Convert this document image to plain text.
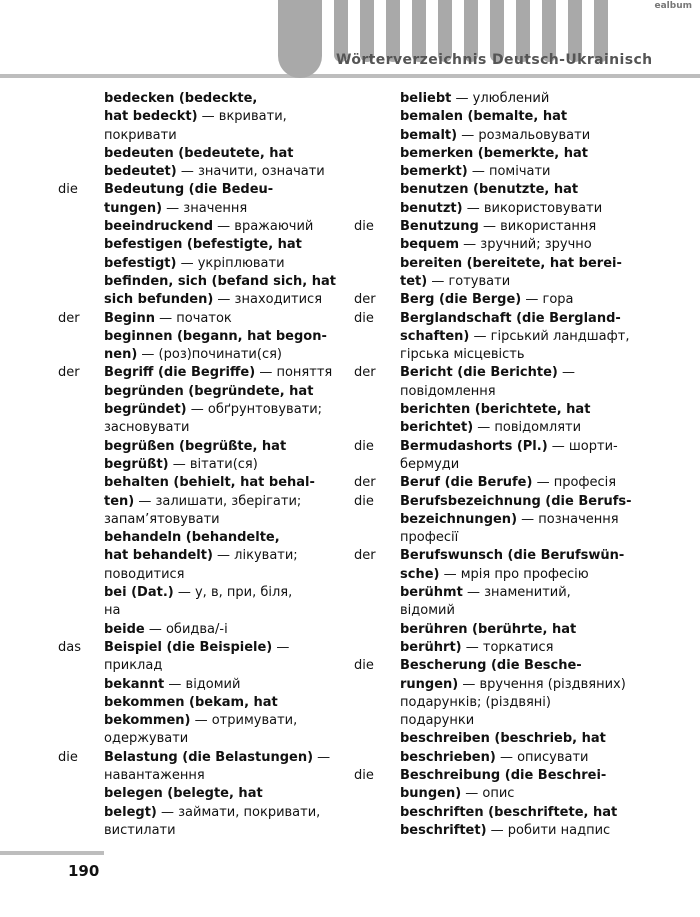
ealbum
Wörterverzeichnis Deutsch-Ukrainisch
bedecken (bedeckte,
hat bedeckt) — вкривати,
покривати
bedeuten (bedeutete, hat
bedeutet) — значити, означати
die	Bedeutung (die Bedeu-
tungen) — значення
beeindruckend — вражаючий
befestigen (befestigte, hat
befestigt) — укріплювати
befinden, sich (befand sich, hat
sich befunden) — знаходитися
der	Beginn — початок
beginnen (begann, hat begon-
nen) — (роз)починати(ся)
der	Begriff (die Begriffe) — поняття
begründen (begründete, hat
begründet) — обґрунтовувати;
засновувати
begrüßen (begrüßte, hat
begrüßt) — вітати(ся)
behalten (behielt, hat behal-
ten) — залишати, зберігати;
запам’ятовувати
behandeln (behandelte,
hat behandelt) — лікувати;
поводитися
bei (Dat.) — у, в, при, біля,
на
beide — обидва/-і
das	Beispiel (die Beispiele) —
приклад
bekannt — відомий
bekommen (bekam, hat
bekommen) — отримувати,
одержувати
die	Belastung (die Belastungen) —
навантаження
belegen (belegte, hat
belegt) — займати, покривати,
вистилати
beliebt — улюблений
bemalen (bemalte, hat
bemalt) — розмальовувати
bemerken (bemerkte, hat
bemerkt) — помічати
benutzen (benutzte, hat
benutzt) — використовувати
die	Benutzung — використання
bequem — зручний; зручно
bereiten (bereitete, hat berei-
tet) — готувати
der	Berg (die Berge) — гора
die	Berglandschaft (die Bergland-
schaften) — гірський ландшафт,
гірська місцевість
der	Bericht (die Berichte) —
повідомлення
berichten (berichtete, hat
berichtet) — повідомляти
die	Bermudashorts (Pl.) — шорти-
бермуди
der	Beruf (die Berufe) — професія
die	Berufsbezeichnung (die Berufs-
bezeichnungen) — позначення
професії
der	Berufswunsch (die Berufswün-
sche) — мрія про професію
berühmt — знаменитий,
відомий
berühren (berührte, hat
berührt) — торкатися
die	Bescherung (die Besche-
rungen) — вручення (різдвяних)
подарунків; (різдвяні)
подарунки
beschreiben (beschrieb, hat
beschrieben) — описувати
die	Beschreibung (die Beschrei-
bungen) — опис
beschriften (beschriftete, hat
beschriftet) — робити надпис
190
